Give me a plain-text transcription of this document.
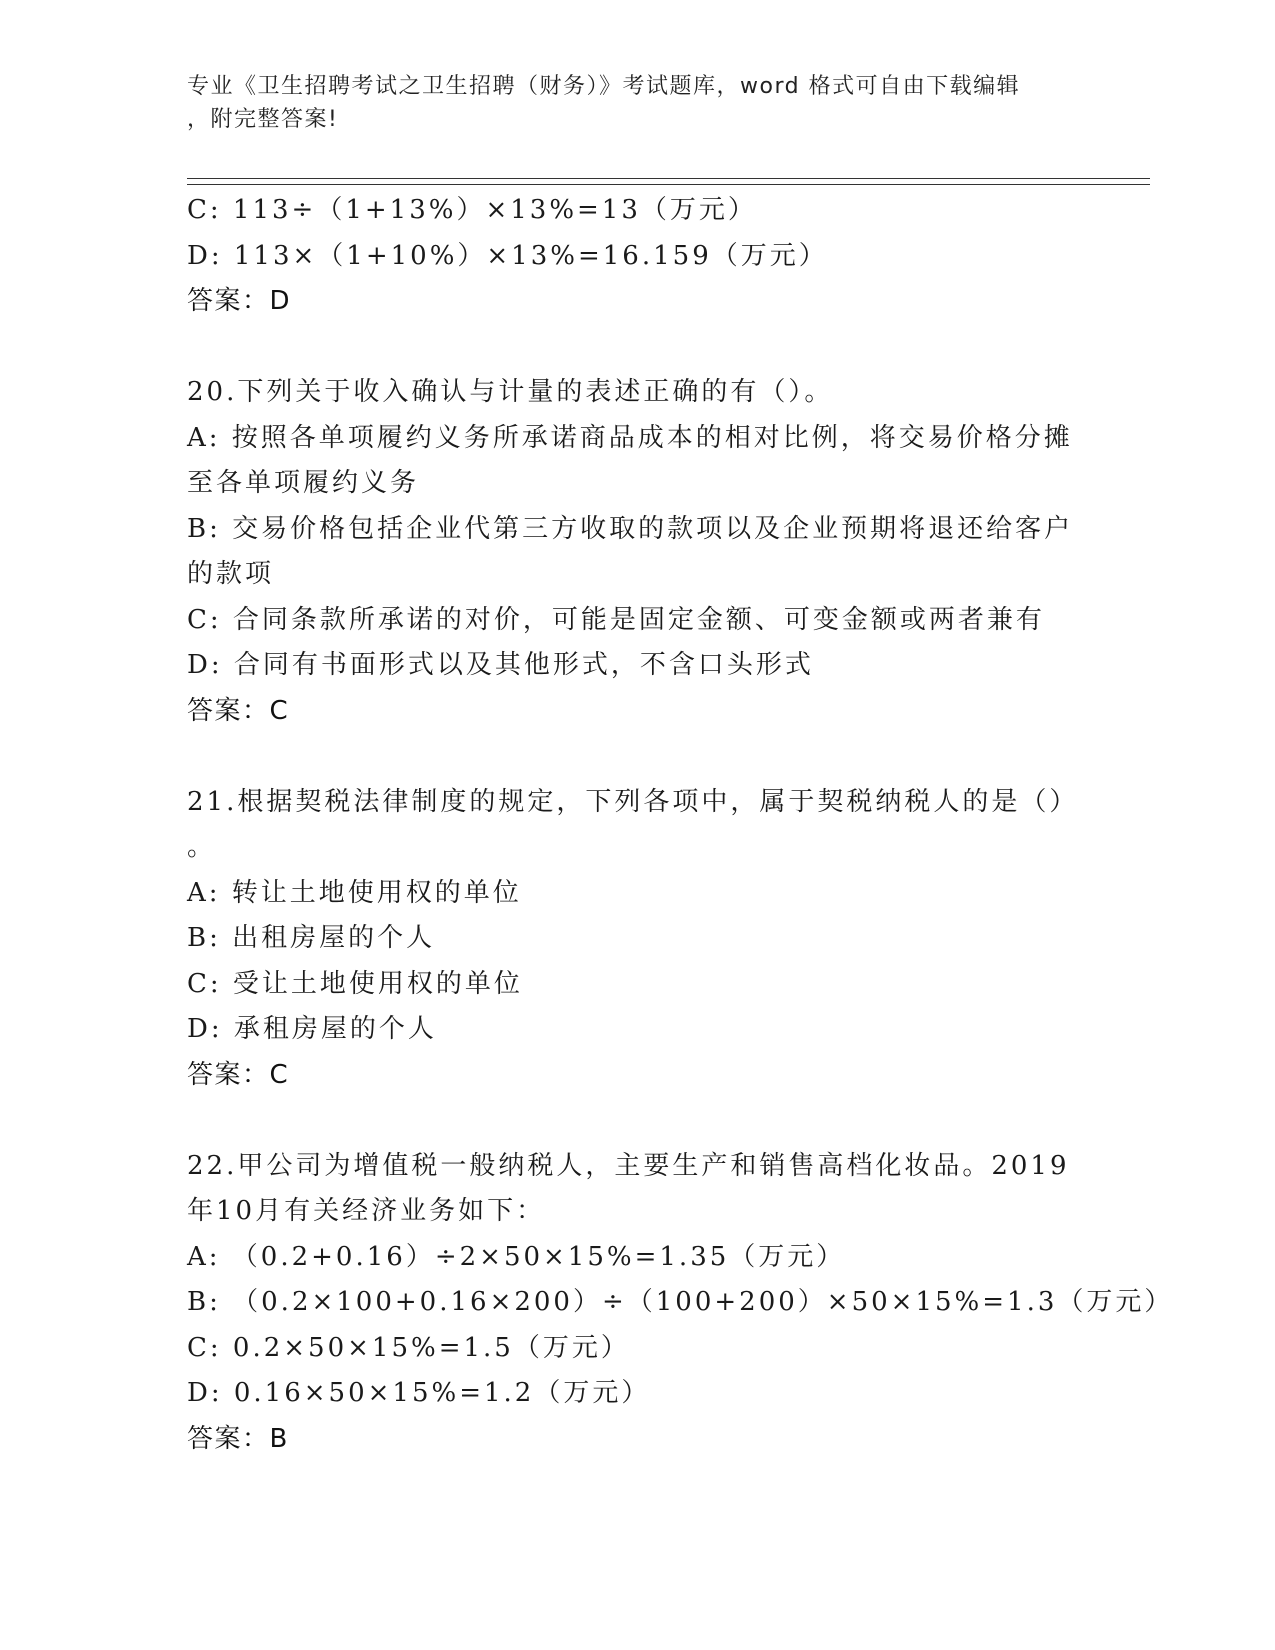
专业《卫生招聘考试之卫生招聘（财务）》考试题库，word 格式可自由下载编辑
，附完整答案!
C: 113÷（1+13%）×13%=13（万元）
D: 113×（1+10%）×13%=16.159（万元）
答案：D
20.下列关于收入确认与计量的表述正确的有（）。
A: 按照各单项履约义务所承诺商品成本的相对比例，将交易价格分摊
至各单项履约义务
B: 交易价格包括企业代第三方收取的款项以及企业预期将退还给客户
的款项
C: 合同条款所承诺的对价，可能是固定金额、可变金额或两者兼有
D: 合同有书面形式以及其他形式，不含口头形式
答案：C
21.根据契税法律制度的规定，下列各项中，属于契税纳税人的是（）
。
A: 转让土地使用权的单位
B: 出租房屋的个人
C: 受让土地使用权的单位
D: 承租房屋的个人
答案：C
22.甲公司为增值税一般纳税人，主要生产和销售高档化妆品。2019
年10月有关经济业务如下：
A: （0.2+0.16）÷2×50×15%=1.35（万元）
B: （0.2×100+0.16×200）÷（100+200）×50×15%=1.3（万元）
C: 0.2×50×15%=1.5（万元）
D: 0.16×50×15%=1.2（万元）
答案：B
